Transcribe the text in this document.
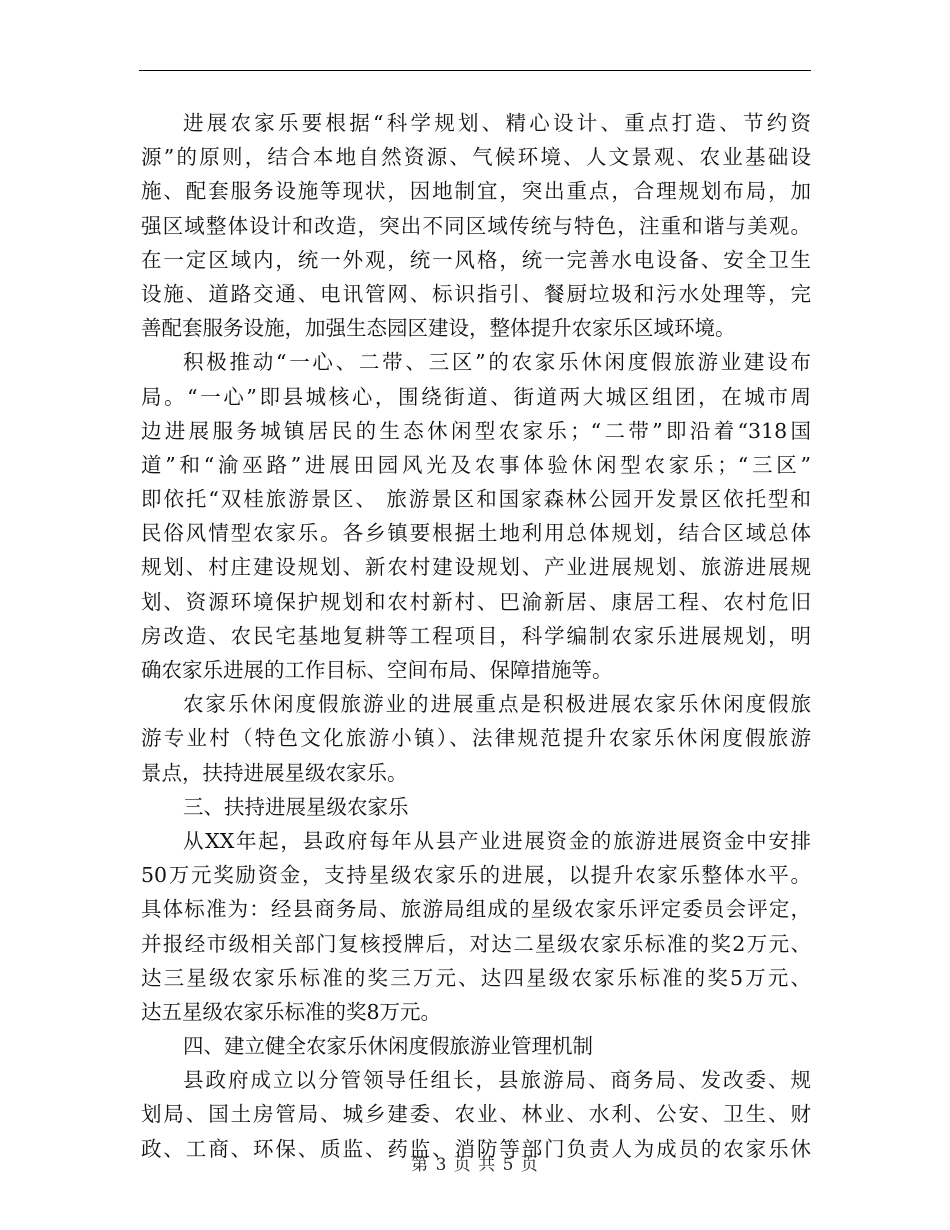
进展农家乐要根据“科学规划、精心设计、重点打造、节约资
源”的原则，结合本地自然资源、气候环境、人文景观、农业基础设
施、配套服务设施等现状，因地制宜，突出重点，合理规划布局，加
强区域整体设计和改造，突出不同区域传统与特色，注重和谐与美观。
在一定区域内，统一外观，统一风格，统一完善水电设备、安全卫生
设施、道路交通、电讯管网、标识指引、餐厨垃圾和污水处理等，完
善配套服务设施，加强生态园区建设，整体提升农家乐区域环境。
积极推动“一心、二带、三区”的农家乐休闲度假旅游业建设布
局。“一心”即县城核心，围绕街道、街道两大城区组团，在城市周
边进展服务城镇居民的生态休闲型农家乐；“二带”即沿着“318国
道”和“渝巫路”进展田园风光及农事体验休闲型农家乐；“三区”
即依托“双桂旅游景区、 旅游景区和国家森林公园开发景区依托型和
民俗风情型农家乐。各乡镇要根据土地利用总体规划，结合区域总体
规划、村庄建设规划、新农村建设规划、产业进展规划、旅游进展规
划、资源环境保护规划和农村新村、巴渝新居、康居工程、农村危旧
房改造、农民宅基地复耕等工程项目，科学编制农家乐进展规划，明
确农家乐进展的工作目标、空间布局、保障措施等。
农家乐休闲度假旅游业的进展重点是积极进展农家乐休闲度假旅
游专业村（特色文化旅游小镇）、法律规范提升农家乐休闲度假旅游
景点，扶持进展星级农家乐。
三、扶持进展星级农家乐
从XX年起，县政府每年从县产业进展资金的旅游进展资金中安排
50万元奖励资金，支持星级农家乐的进展，以提升农家乐整体水平。
具体标准为：经县商务局、旅游局组成的星级农家乐评定委员会评定，
并报经市级相关部门复核授牌后，对达二星级农家乐标准的奖2万元、
达三星级农家乐标准的奖三万元、达四星级农家乐标准的奖5万元、
达五星级农家乐标准的奖8万元。
四、建立健全农家乐休闲度假旅游业管理机制
县政府成立以分管领导任组长，县旅游局、商务局、发改委、规
划局、国土房管局、城乡建委、农业、林业、水利、公安、卫生、财
政、工商、环保、质监、药监、消防等部门负责人为成员的农家乐休
第 3 页 共 5 页
